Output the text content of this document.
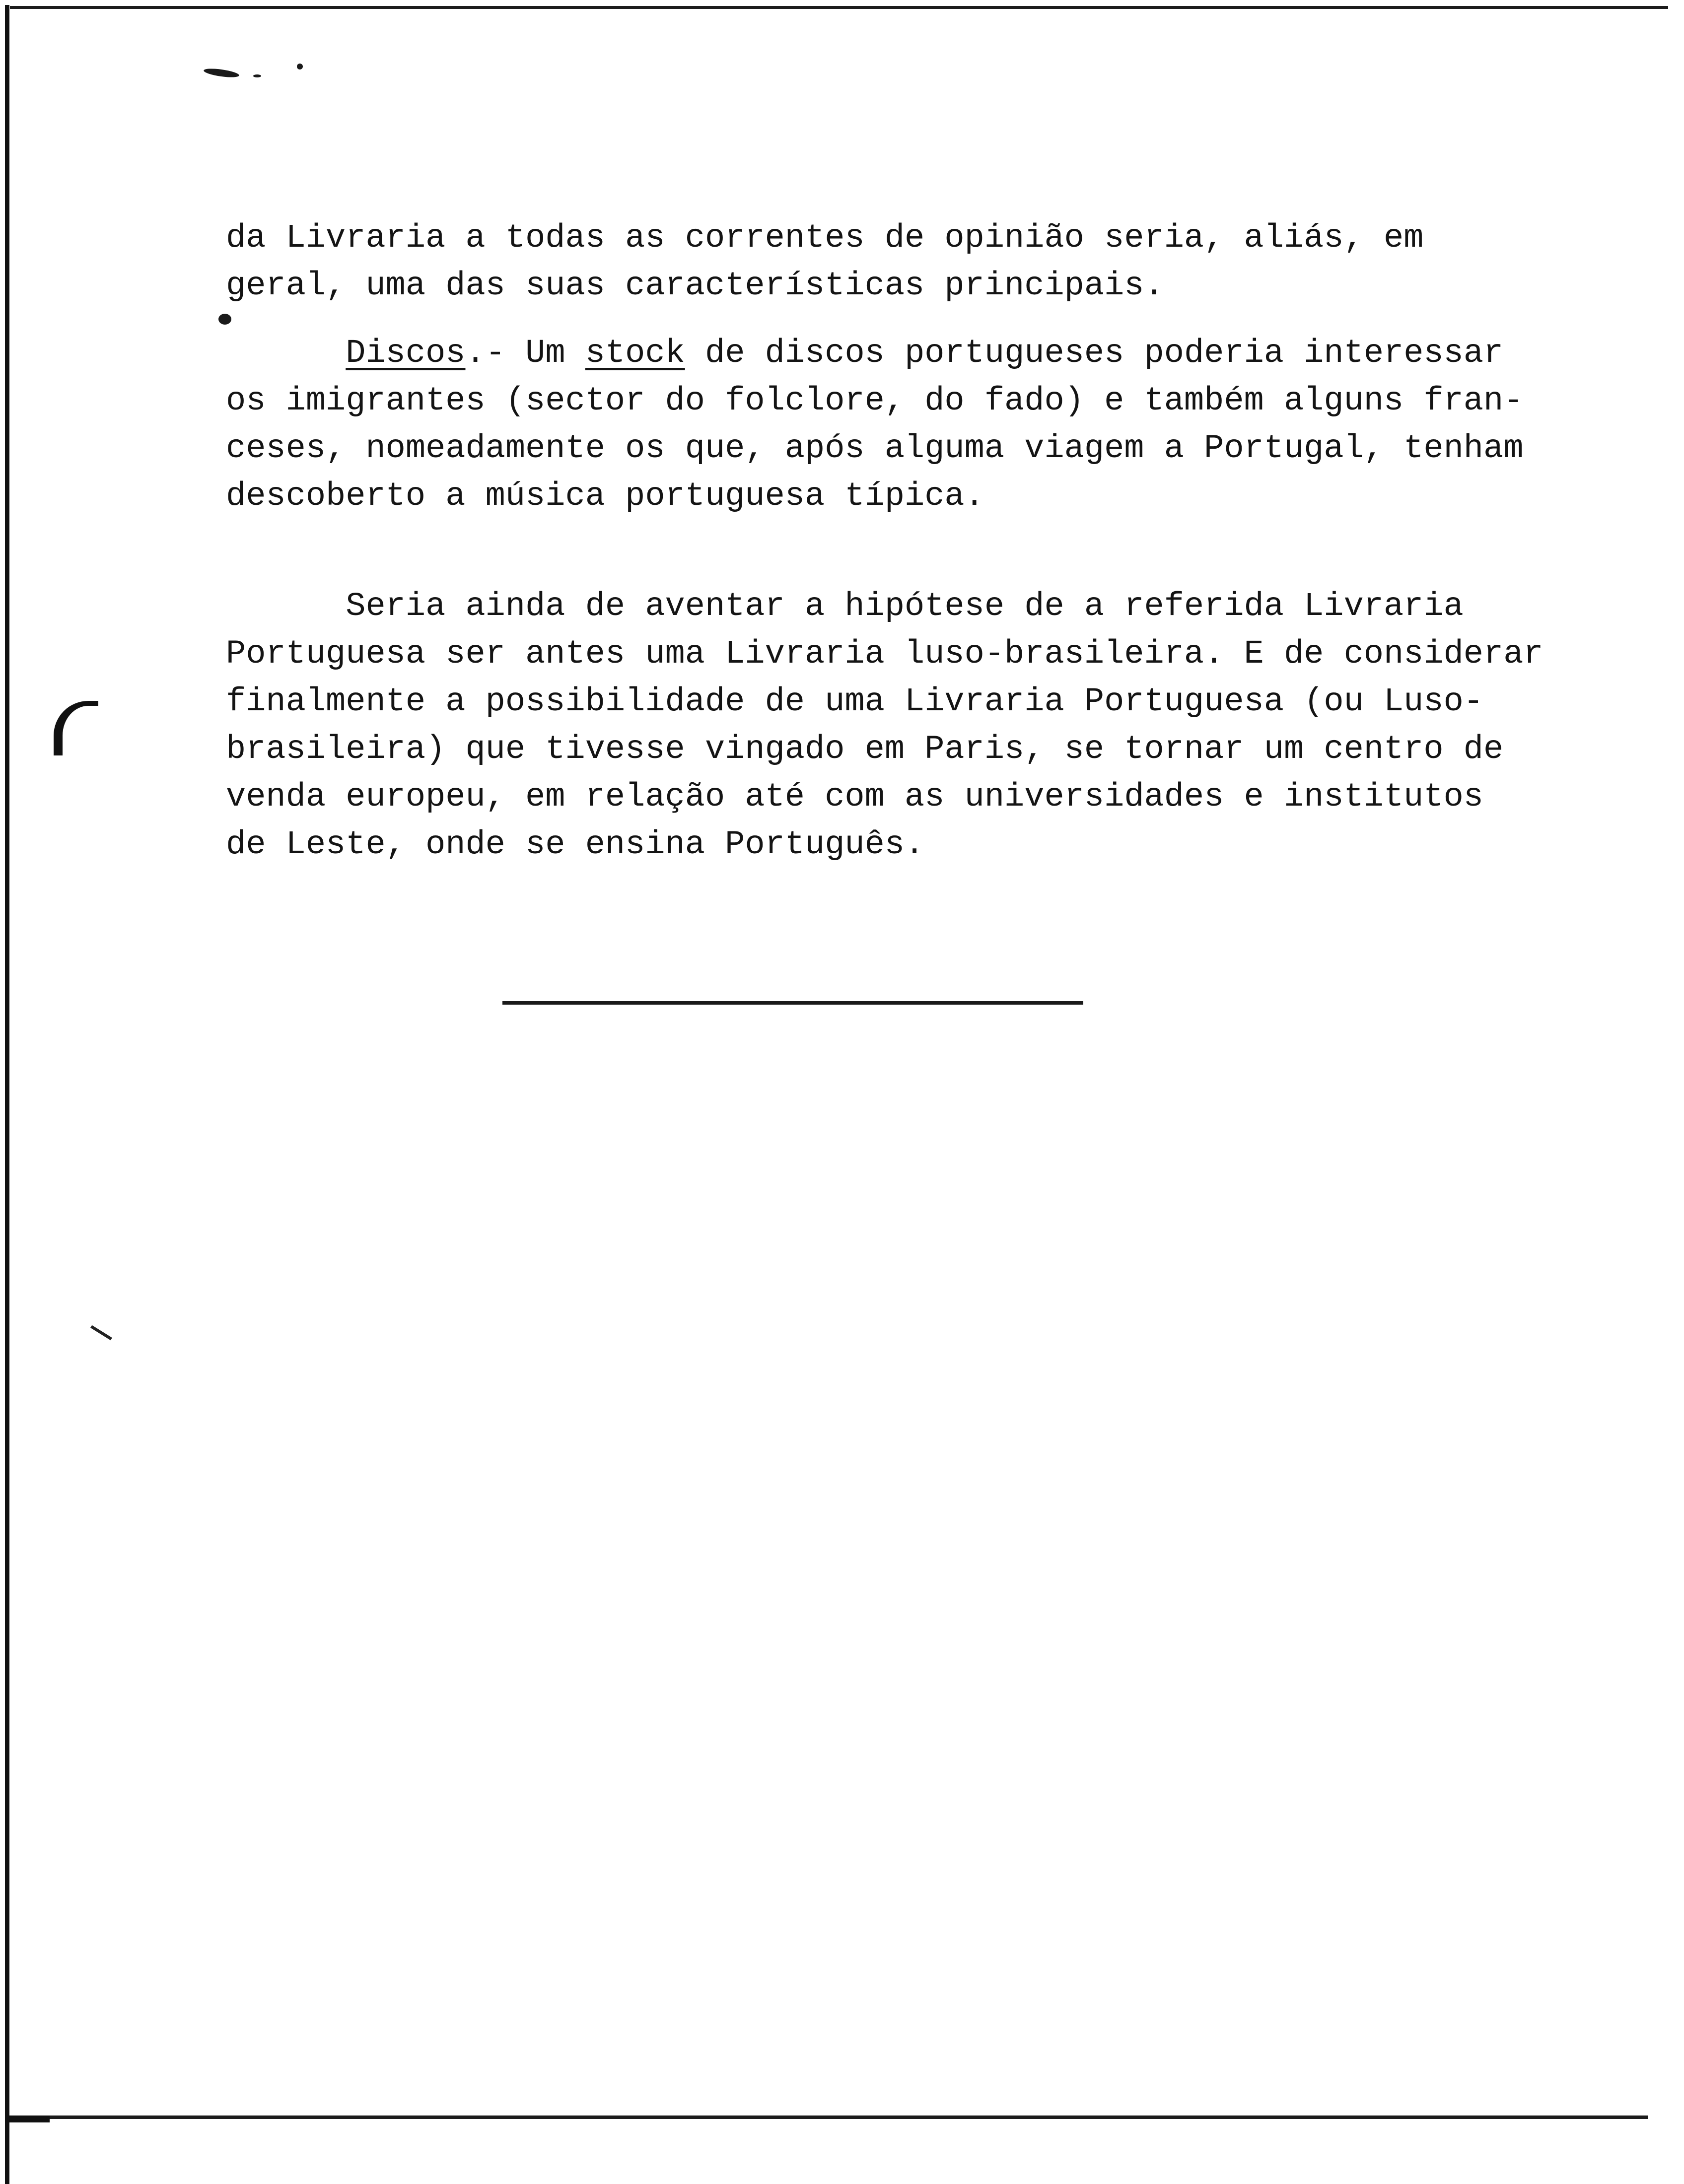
da Livraria a todas as correntes de opinião seria, aliás, em
geral, uma das suas características principais.
Discos.- Um stock de discos portugueses poderia interessar
os imigrantes (sector do folclore, do fado) e também alguns fran-
ceses, nomeadamente os que, após alguma viagem a Portugal, tenham
descoberto a música portuguesa típica.
Seria ainda de aventar a hipótese de a referida Livraria
Portuguesa ser antes uma Livraria luso-brasileira. E de considerar
finalmente a possibilidade de uma Livraria Portuguesa (ou Luso-
brasileira) que tivesse vingado em Paris, se tornar um centro de
venda europeu, em relação até com as universidades e institutos
de Leste, onde se ensina Português.
